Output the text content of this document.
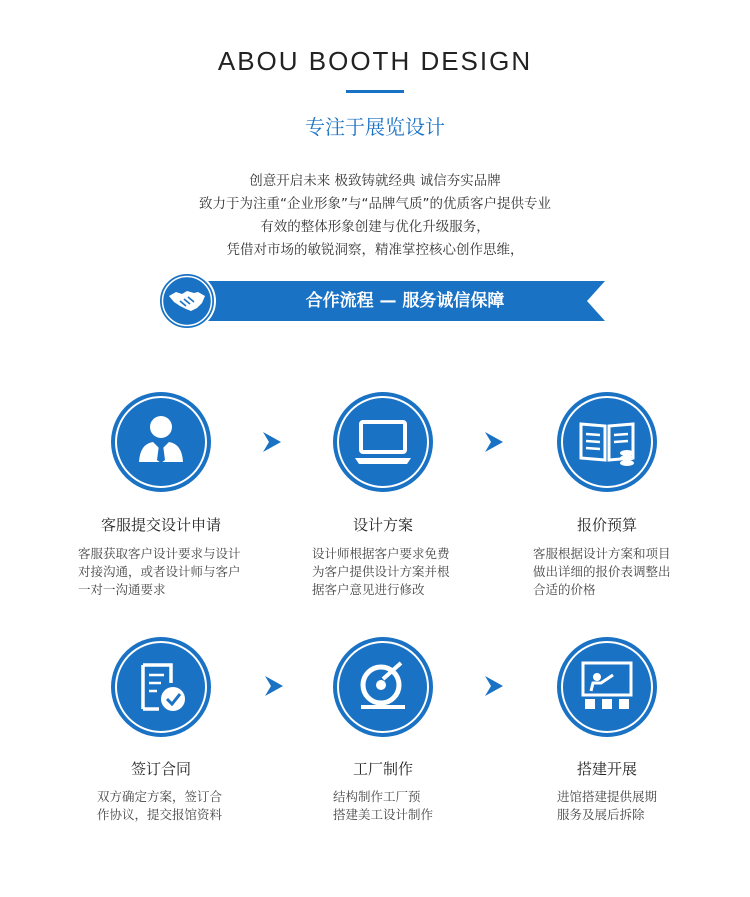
ABOU BOOTH DESIGN
专注于展览设计
创意开启未来 极致铸就经典 诚信夯实品牌
致力于为注重“企业形象”与“品牌气质”的优质客户提供专业
有效的整体形象创建与优化升级服务，
凭借对市场的敏锐洞察，精准掌控核心创作思维，
合作流程 — 服务诚信保障
客服提交设计申请
客服获取客户设计要求与设计
对接沟通，或者设计师与客户
一对一沟通要求
设计方案
设计师根据客户要求免费
为客户提供设计方案并根
据客户意见进行修改
报价预算
客服根据设计方案和项目
做出详细的报价表调整出
合适的价格
签订合同
双方确定方案，签订合
作协议，提交报馆资料
工厂制作
结构制作工厂预
搭建美工设计制作
搭建开展
进馆搭建提供展期
服务及展后拆除
